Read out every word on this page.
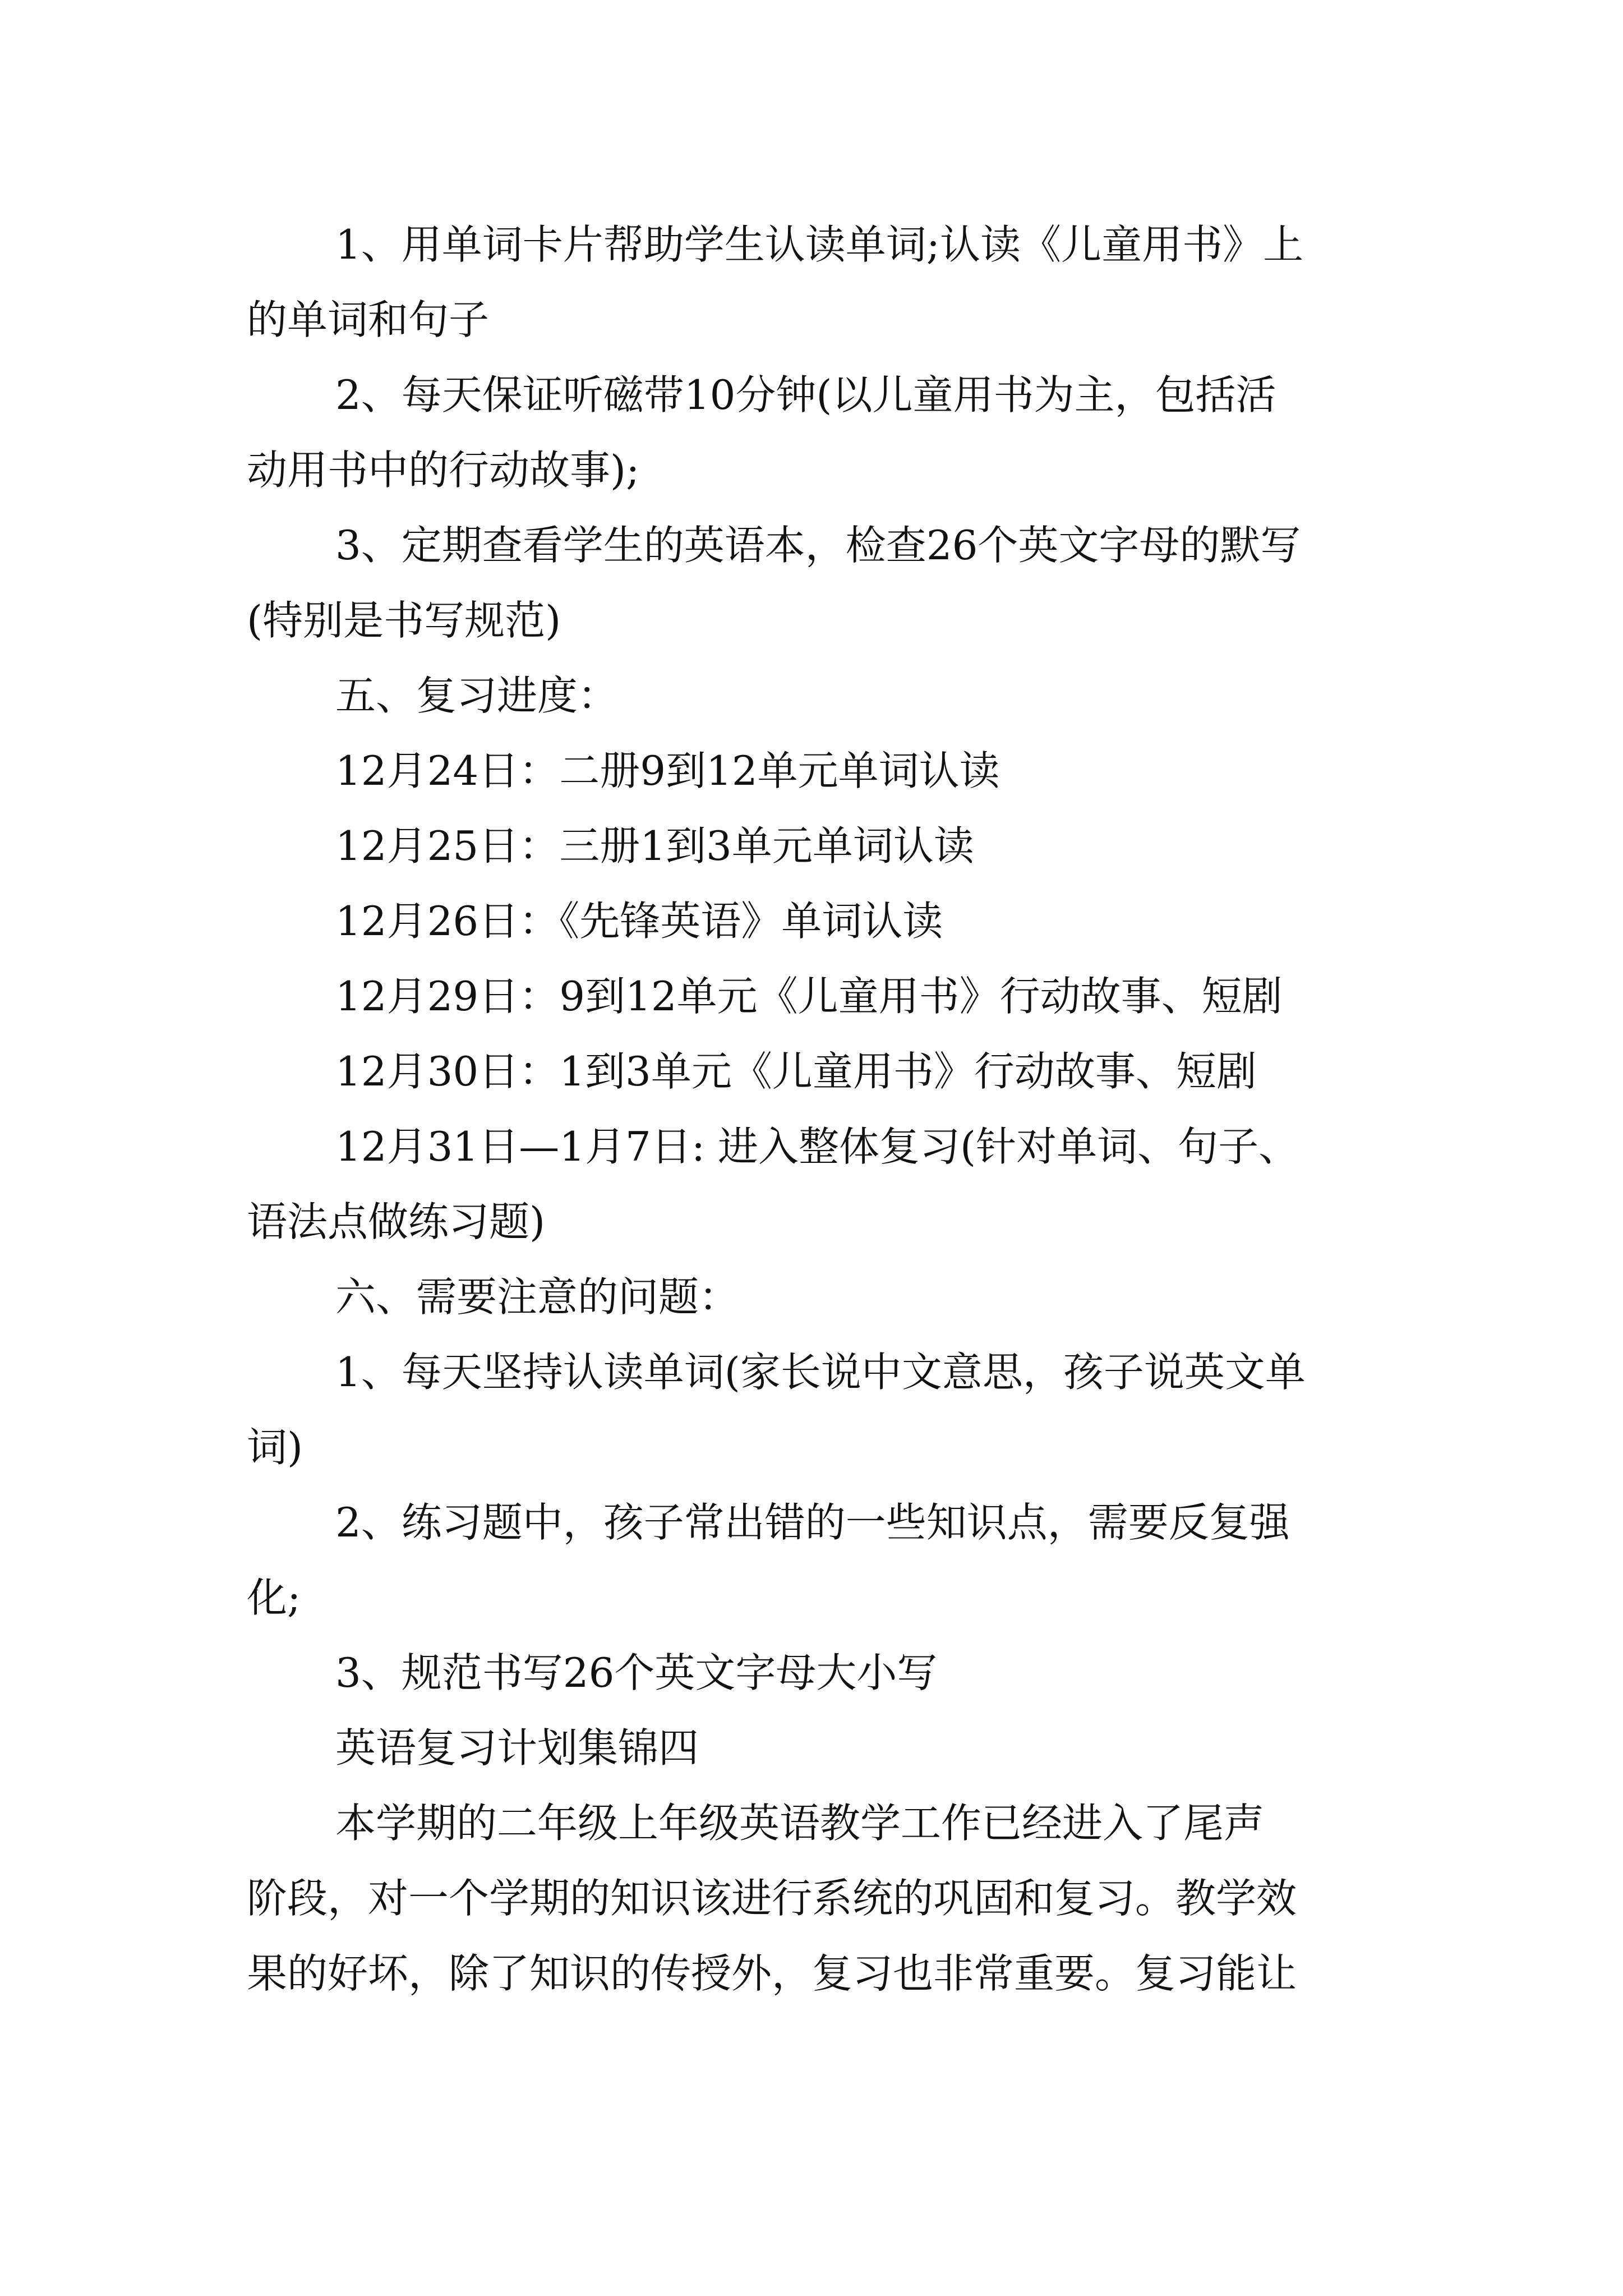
1、用单词卡片帮助学生认读单词;认读《儿童用书》上
的单词和句子
2、每天保证听磁带10分钟(以儿童用书为主，包括活
动用书中的行动故事);
3、定期查看学生的英语本，检查26个英文字母的默写
(特别是书写规范)
五、复习进度：
12月24日：二册9到12单元单词认读
12月25日：三册1到3单元单词认读
12月26日：《先锋英语》单词认读
12月29日：9到12单元《儿童用书》行动故事、短剧
12月30日：1到3单元《儿童用书》行动故事、短剧
12月31日—1月7日: 进入整体复习(针对单词、句子、
语法点做练习题)
六、需要注意的问题：
1、每天坚持认读单词(家长说中文意思，孩子说英文单
词)
2、练习题中，孩子常出错的一些知识点，需要反复强
化;
3、规范书写26个英文字母大小写
英语复习计划集锦四
本学期的二年级上年级英语教学工作已经进入了尾声
阶段，对一个学期的知识该进行系统的巩固和复习。教学效
果的好坏，除了知识的传授外，复习也非常重要。复习能让
